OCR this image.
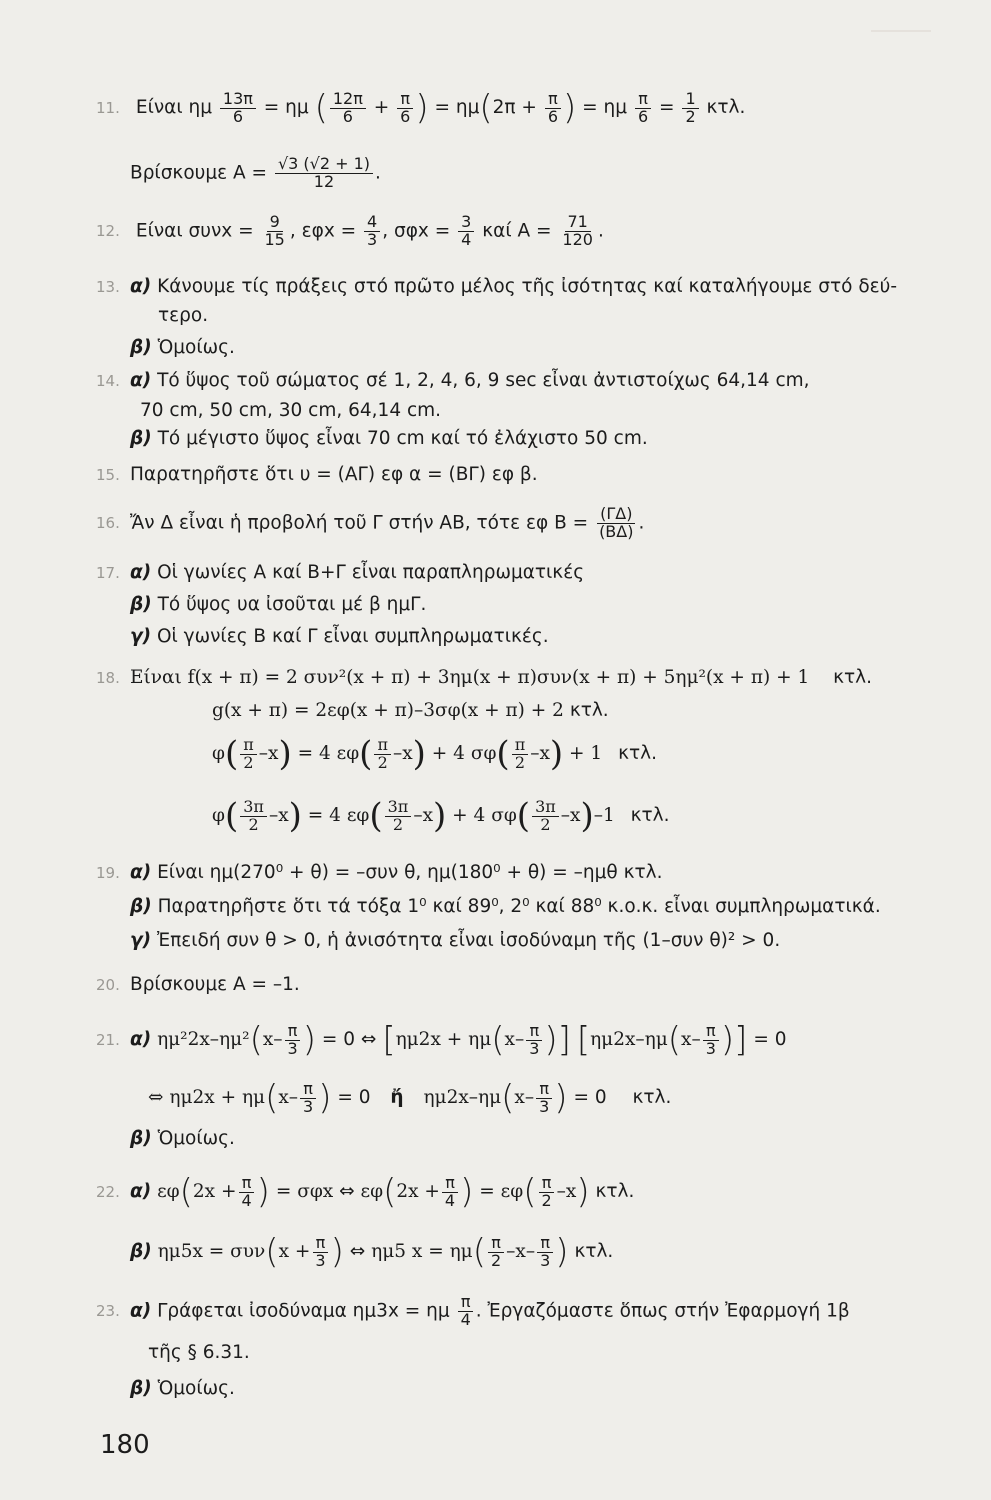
11. Είναι ημ $\frac{13\pi}{6} = \eta\mu$ ( $\frac{12\pi}{6} + \frac{\pi}{6}$ ) = $\eta\mu(2\pi + \frac{\pi}{6}$ ) = ημ $\frac{\pi}{6} = \frac{1}{2} \kappa\tau\lambda$.
Βρίσκουμε $A = \frac{√3 (√2 + 1)}{12}$ .
12. Είναι $\sigma\upsilon\nu x = \frac{9}{15}$ , $\varepsilon\varphi x = \frac{4}{3}$ , $\sigma\varphi x = \frac{3}{4}$ καί $A = \frac{71}{120}$ .
13. α) Κάνουμε τίς πράξεις στό πρῶτο μέλος τῆς ἰσότητας καί καταλήγουμε στό δεύ-
τερο.
β) Ὁμοίως.
14. α) Τό ὕψος τοῦ σώματος σέ 1, 2, 4, 6, 9 sec εἶναι ἀντιστοίχως 64,14 cm,
70 cm, 50 cm, 30 cm, 64,14 cm.
β) Τό μέγιστο ὕψος εἶναι 70 cm καί τό ἐλάχιστο 50 cm.
15. Παρατηρῆστε ὅτι υ = (ΑΓ) εφ α = (ΒΓ) εφ β.
16. Ἄν Δ εἶναι ἡ προβολή τοῦ Γ στήν ΑΒ, τότε εφ $B = \frac{(\Gamma\Delta)}{(B\Delta)}$ .
17. α) Οἱ γωνίες Α καί Β+Γ εἶναι παραπληρωματικές
β) Τό ὕψος υα ἰσοῦται μέ β ημΓ.
γ) Οἱ γωνίες Β καί Γ εἶναι συμπληρωματικές.
18. Είναι f(x + π) = 2 συν²(x + π) + 3ημ(x + π)συν(x + π) + 5ημ²(x + π) + 1 κτλ.
g(x + π) = 2εφ(x + π)–3σφ(x + π) + 2 κτλ.
$\varphi( \frac{\pi}{2} -x) = 4$ $\varepsilon\varphi( \frac{\pi}{2} -x) + 4$ $\sigma\varphi( \frac{\pi}{2} -x) + 1$ κτλ.
$\varphi( \frac{3\pi}{2} -x) = 4$ $\varepsilon\varphi( \frac{3\pi}{2} -x) + 4$ $\sigma\varphi( \frac{3\pi}{2} -x)-1$ κτλ.
19. α) Είναι ημ(270⁰ + θ) = –συν θ, ημ(180⁰ + θ) = –ημθ κτλ.
β) Παρατηρῆστε ὅτι τά τόξα 1⁰ καί 89⁰, 2⁰ καί 88⁰ κ.ο.κ. εἶναι συμπληρωματικά.
γ) Ἐπειδή συν θ > 0, ἡ ἀνισότητα εἶναι ἰσοδύναμη τῆς (1–συν θ)² > 0.
20. Βρίσκουμε A = –1.
21. α) $\eta\mu^22x-\eta\mu^2(x- \frac{\pi}{3}$ ) = 0 ⇔ [$\eta\mu 2x + \eta\mu(x- \frac{\pi}{3}$ )] [$\eta\mu 2x-\eta\mu(x- \frac{\pi}{3}$ )] = 0
⇔ $\eta\mu 2x + \eta\mu(x- \frac{\pi}{3}$ ) = 0 ἤ $\eta\mu 2x-\eta\mu(x- \frac{\pi}{3}$ ) = 0 κτλ.
β) Ὁμοίως.
22. α) $\varepsilon\varphi(2x + \frac{\pi}{4}$ ) = σφx ⇔ $\varepsilon\varphi(2x + \frac{\pi}{4}$ ) = $\varepsilon\varphi( \frac{\pi}{2} -x)$ κτλ.
β) $\eta\mu 5x = \sigma\upsilon\nu(x + \frac{\pi}{3}$ ) ⇔ ημ5 $x = \eta\mu( \frac{\pi}{2} -x- \frac{\pi}{3}$ ) κτλ.
23. α) Γράφεται ἰσοδύναμα ημ3x = ημ $\frac{\pi}{4}$ . Ἐργαζόμαστε ὅπως στήν Ἐφαρμογή 1β
τῆς § 6.31.
β) Ὁμοίως.
180
